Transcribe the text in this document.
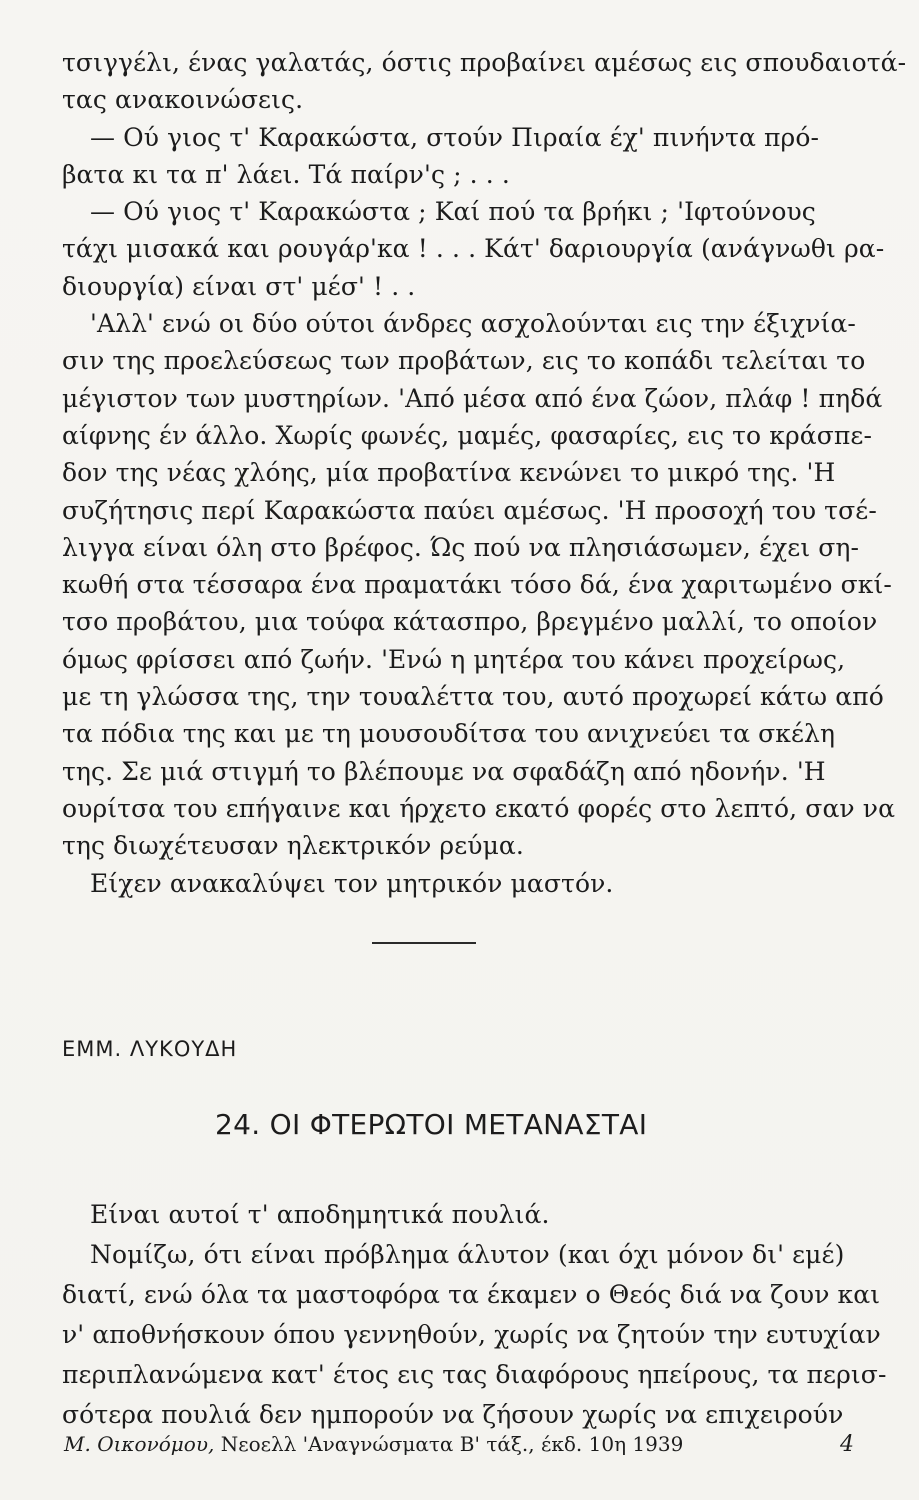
τσιγγέλι, ένας γαλατάς, όστις προβαίνει αμέσως εις σπουδαιοτά-
τας ανακοινώσεις.
— Ού γιος τ' Καρακώστα, στούν Πιραία έχ' πινήντα πρό-
βατα κι τα π' λάει. Τά παίρν'ς ; . . .
— Ού γιος τ' Καρακώστα ; Καί πού τα βρήκι ; 'Ιφτούνους
τάχι μισακά και ρουγάρ'κα ! . . . Κάτ' δαριουργία (ανάγνωθι ρα-
διουργία) είναι στ' μέσ' ! . .
'Αλλ' ενώ οι δύο ούτοι άνδρες ασχολούνται εις την έξιχνία-
σιν της προελεύσεως των προβάτων, εις το κοπάδι τελείται το
μέγιστον των μυστηρίων. 'Από μέσα από ένα ζώον, πλάφ ! πηδά
αίφνης έν άλλο. Χωρίς φωνές, μαμές, φασαρίες, εις το κράσπε-
δον της νέας χλόης, μία προβατίνα κενώνει το μικρό της. 'Η
συζήτησις περί Καρακώστα παύει αμέσως. 'Η προσοχή του τσέ-
λιγγα είναι όλη στο βρέφος. Ώς πού να πλησιάσωμεν, έχει ση-
κωθή στα τέσσαρα ένα πραματάκι τόσο δά, ένα χαριτωμένο σκί-
τσο προβάτου, μια τούφα κάτασπρο, βρεγμένο μαλλί, το οποίον
όμως φρίσσει από ζωήν. 'Ενώ η μητέρα του κάνει προχείρως,
με τη γλώσσα της, την τουαλέττα του, αυτό προχωρεί κάτω από
τα πόδια της και με τη μουσουδίτσα του ανιχνεύει τα σκέλη
της. Σε μιά στιγμή το βλέπουμε να σφαδάζη από ηδονήν. 'Η
ουρίτσα του επήγαινε και ήρχετο εκατό φορές στο λεπτό, σαν να
της διωχέτευσαν ηλεκτρικόν ρεύμα.
Είχεν ανακαλύψει τον μητρικόν μαστόν.
ΕΜΜ. ΛΥΚΟΥΔΗ
24. ΟΙ ΦΤΕΡΩΤΟΙ ΜΕΤΑΝΑΣΤΑΙ
Είναι αυτοί τ' αποδημητικά πουλιά.
Νομίζω, ότι είναι πρόβλημα άλυτον (και όχι μόνον δι' εμέ)
διατί, ενώ όλα τα μαστοφόρα τα έκαμεν ο Θεός διά να ζουν και
ν' αποθνήσκουν όπου γεννηθούν, χωρίς να ζητούν την ευτυχίαν
περιπλανώμενα κατ' έτος εις τας διαφόρους ηπείρους, τα περισ-
σότερα πουλιά δεν ημπορούν να ζήσουν χωρίς να επιχειρούν
Μ. Οικονόμου, Νεοελλ 'Αναγνώσματα Β' τάξ., έκδ. 10η 1939	4
